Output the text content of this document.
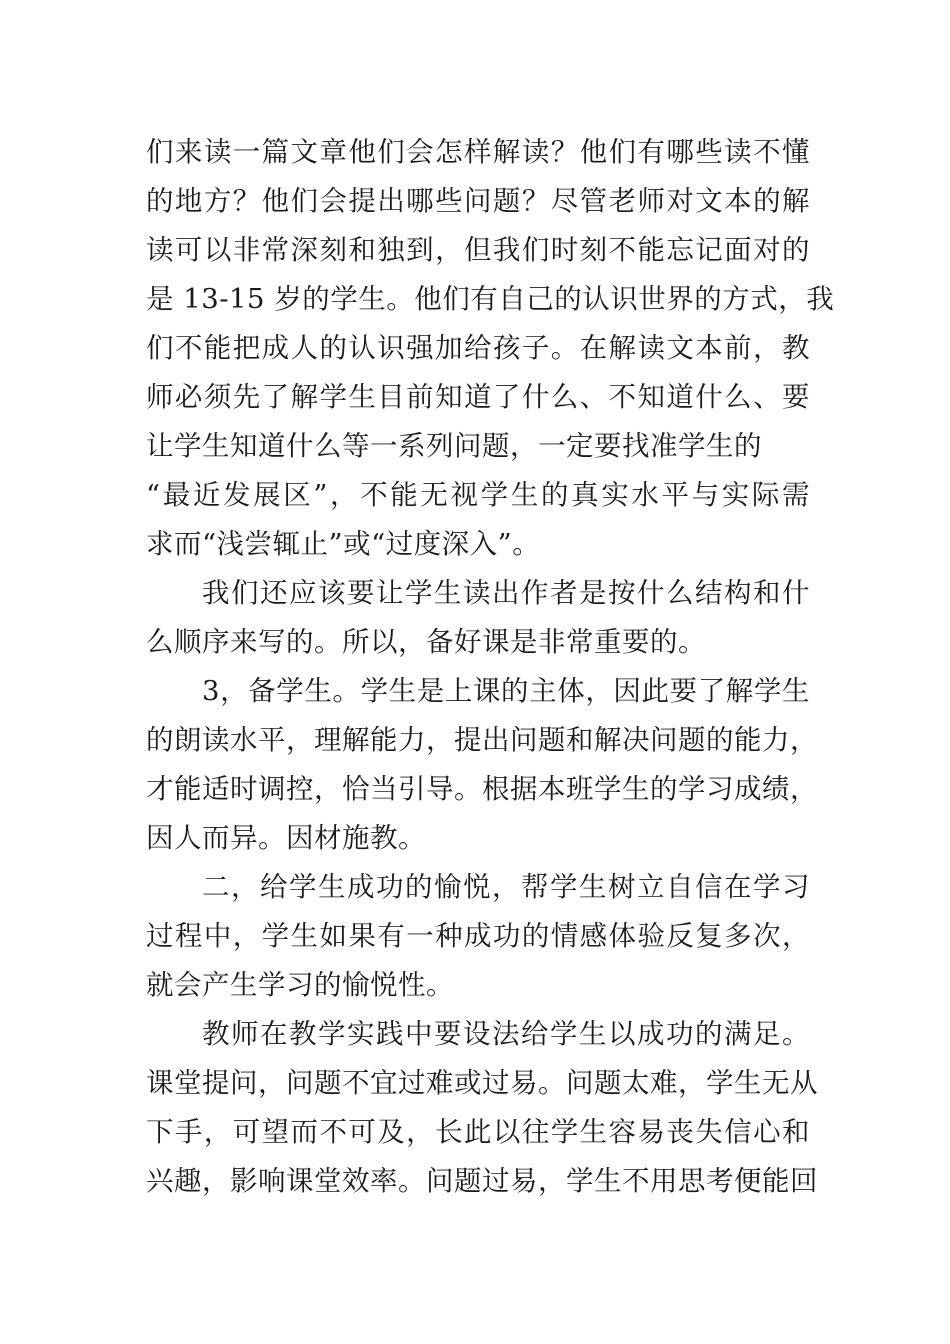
们来读一篇文章他们会怎样解读？他们有哪些读不懂
的地方？他们会提出哪些问题？尽管老师对文本的解
读可以非常深刻和独到，但我们时刻不能忘记面对的
是 13-15 岁的学生。他们有自己的认识世界的方式，我
们不能把成人的认识强加给孩子。在解读文本前，教
师必须先了解学生目前知道了什么、不知道什么、要
让学生知道什么等一系列问题，一定要找准学生的
“最近发展区”，不能无视学生的真实水平与实际需
求而“浅尝辄止”或“过度深入”。
我们还应该要让学生读出作者是按什么结构和什
么顺序来写的。所以，备好课是非常重要的。
3，备学生。学生是上课的主体，因此要了解学生
的朗读水平，理解能力，提出问题和解决问题的能力，
才能适时调控，恰当引导。根据本班学生的学习成绩，
因人而异。因材施教。
二，给学生成功的愉悦，帮学生树立自信在学习
过程中，学生如果有一种成功的情感体验反复多次，
就会产生学习的愉悦性。
教师在教学实践中要设法给学生以成功的满足。
课堂提问，问题不宜过难或过易。问题太难，学生无从
下手，可望而不可及，长此以往学生容易丧失信心和
兴趣，影响课堂效率。问题过易，学生不用思考便能回
